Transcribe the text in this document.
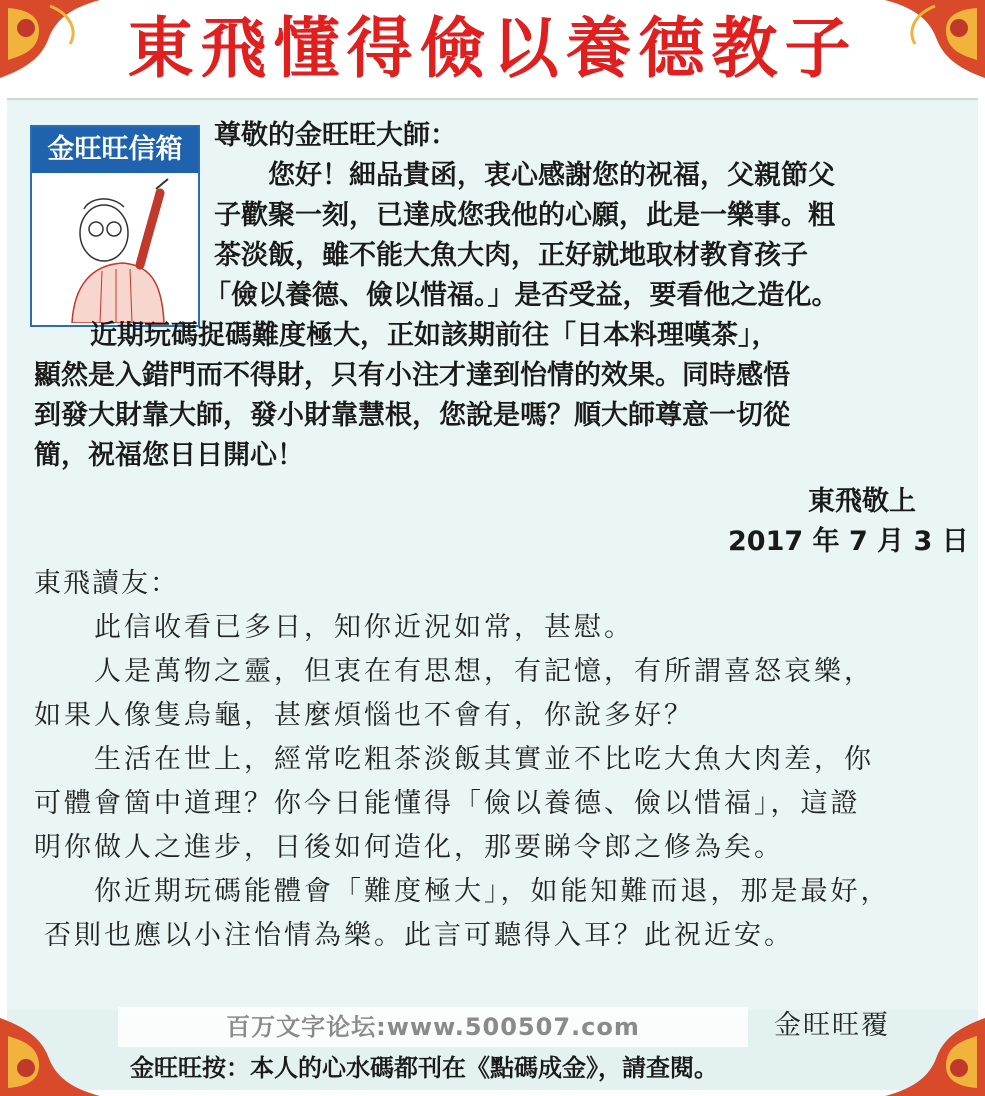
東飛懂得儉以養德教子
金旺旺信箱	尊敬的金旺旺大師：
您好！細品貴函，衷心感謝您的祝福，父親節父
子歡聚一刻，已達成您我他的心願，此是一樂事。粗
茶淡飯，雖不能大魚大肉，正好就地取材教育孩子
「儉以養德、儉以惜福。」是否受益，要看他之造化。
近期玩碼捉碼難度極大，正如該期前往「日本料理嘆茶」，
顯然是入錯門而不得財，只有小注才達到怡情的效果。同時感悟
到發大財靠大師，發小財靠慧根，您說是嗎？順大師尊意一切從
簡，祝福您日日開心！
東飛敬上
2017 年 7 月 3 日
東飛讀友：
此信收看已多日，知你近況如常，甚慰。
人是萬物之靈，但衷在有思想，有記憶，有所謂喜怒哀樂，
如果人像隻烏龜，甚麼煩惱也不會有，你說多好？
生活在世上，經常吃粗茶淡飯其實並不比吃大魚大肉差，你
可體會箇中道理？你今日能懂得「儉以養德、儉以惜福」，這證
明你做人之進步，日後如何造化，那要睇令郎之修為矣。
你近期玩碼能體會「難度極大」，如能知難而退，那是最好，
否則也應以小注怡情為樂。此言可聽得入耳？此祝近安。
百万文字论坛:www.500507.com	金旺旺覆
金旺旺按：本人的心水碼都刊在《點碼成金》，請查閱。
